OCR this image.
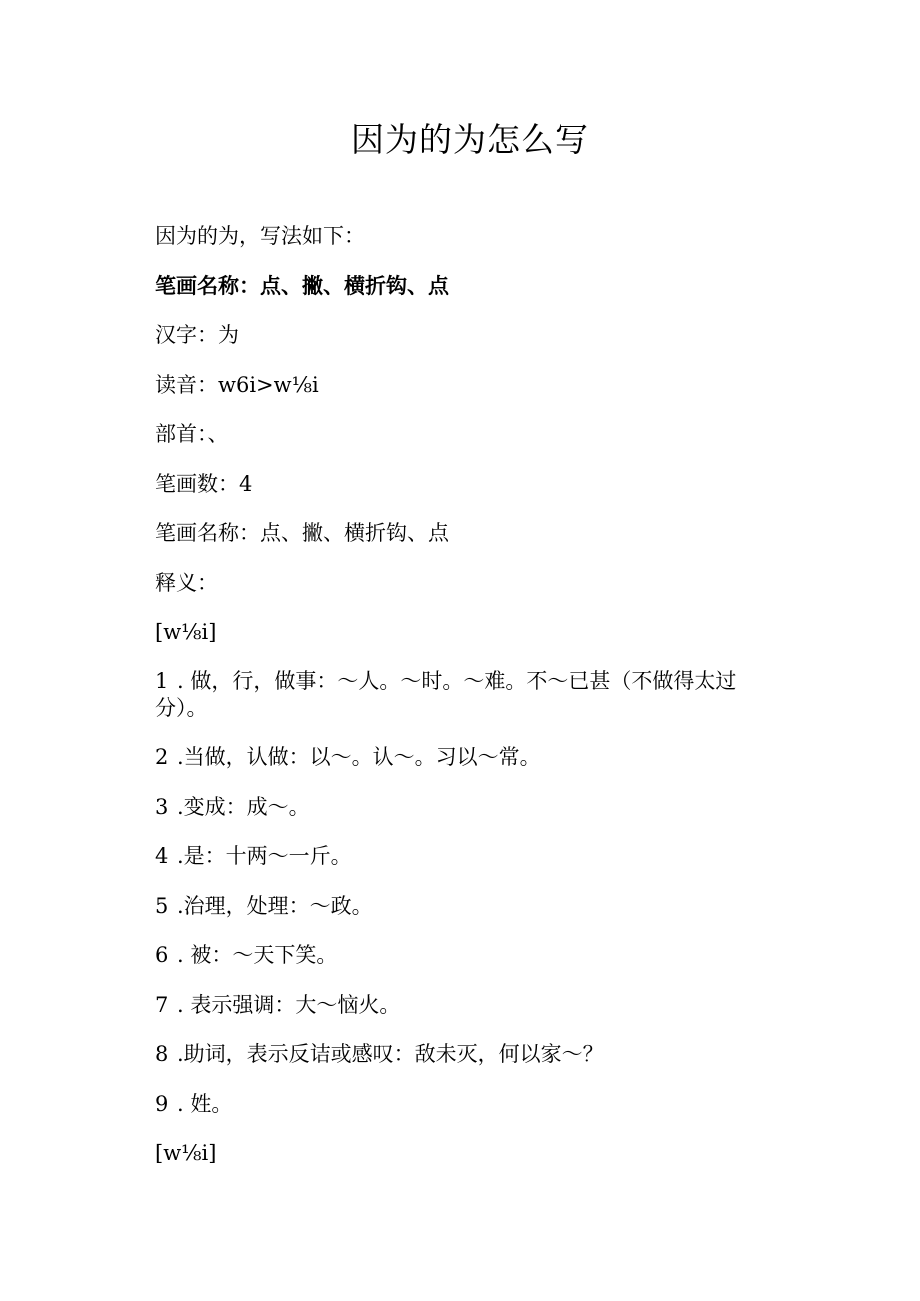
因为的为怎么写

因为的为，写法如下：

笔画名称：点、撇、横折钩、点

汉字：为

读音：w6i>w⅛i

部首：、

笔画数：4

笔画名称：点、撇、横折钩、点

释义：

[w⅛i]

1 . 做，行，做事：～人。～时。～难。不～已甚（不做得太过分）。
2 .当做，认做：以～。认～。习以～常。
3 .变成：成～。
4 .是：十两～一斤。
5 .治理，处理：～政。
6 . 被：～天下笑。
7 . 表示强调：大～恼火。
8 .助词，表示反诘或感叹：敌未灭，何以家～？
9 . 姓。

[w⅛i]
